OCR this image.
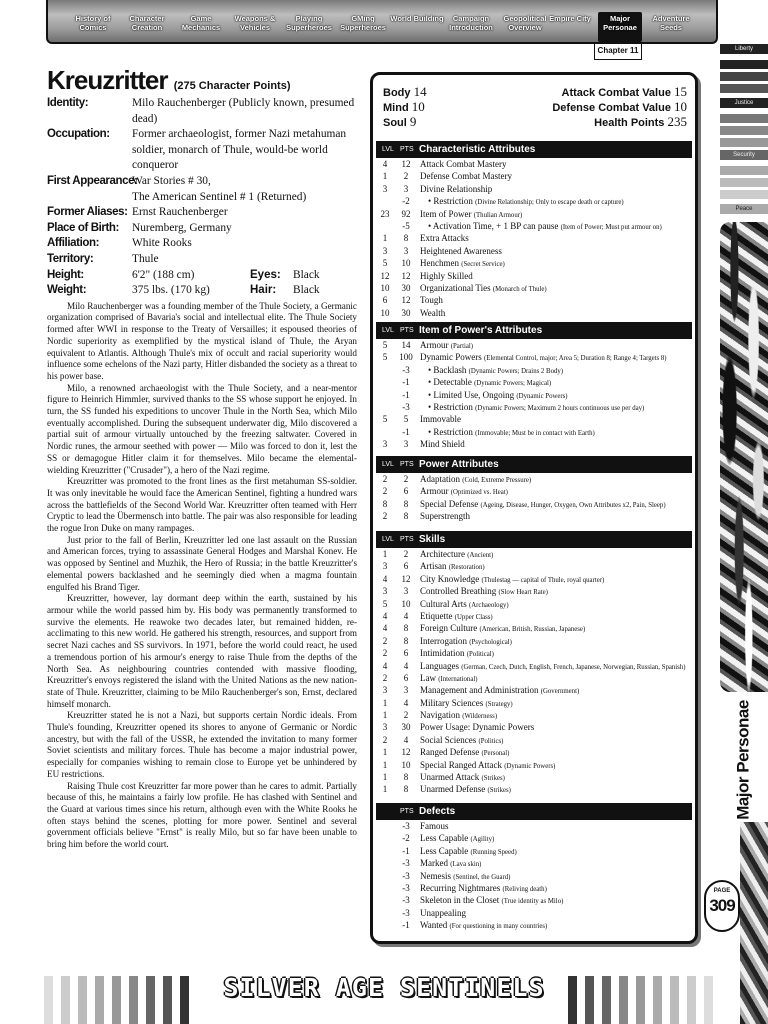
History of Comics
Character Creation
Game Mechanics
Weapons & Vehicles
Playing Superheroes
GMing Superheroes
World Building	Campaign Introduction
Geopolitical Overview
Empire City	Major Personae
Adventure Seeds
Chapter 11	Liberty
Justice
Security
Peace
Major Personae
PAGE
309
Kreuzritter (275 Character Points)
Identity:	Milo Rauchenberger (Publicly known, presumed dead)
Occupation: Former archaeologist, former Nazi metahuman soldier, monarch of Thule, would-be world conqueror
First Appearance:
War Stories # 30,
The American Sentinel # 1 (Returned)
Former Aliases: Ernst Rauchenberger
Place of Birth: Nuremberg, Germany
Affiliation:	White Rooks
Territory:	Thule
Height:	6'2" (188 cm)	Eyes: Black
Weight:	375 lbs. (170 kg)	Hair: Black

Milo Rauchenberger was a founding member of the Thule Society, a Germanic organization comprised of Bavaria's social and intellectual elite. The Thule Society formed after WWI in response to the Treaty of Versailles; it espoused theories of Nordic superiority as exemplified by the mystical island of Thule, the Aryan equivalent to Atlantis. Although Thule's mix of occult and racial superiority would influence some echelons of the Nazi party, Hitler disbanded the society as a threat to his power base.

Milo, a renowned archaeologist with the Thule Society, and a near-mentor figure to Heinrich Himmler, survived thanks to the SS whose support he enjoyed. In turn, the SS funded his expeditions to uncover Thule in the North Sea, which Milo eventually accomplished. During the subsequent underwater dig, Milo discovered a partial suit of armour virtually untouched by the freezing saltwater. Covered in Nordic runes, the armour seethed with power — Milo was forced to don it, lest the SS or demagogue Hitler claim it for themselves. Milo became the elemental-wielding Kreuzritter ("Crusader"), a hero of the Nazi regime.

Kreuzritter was promoted to the front lines as the first metahuman SS-soldier. It was only inevitable he would face the American Sentinel, fighting a hundred wars across the battlefields of the Second World War. Kreuzritter often teamed with Herr Cryptic to lead the Übermensch into battle. The pair was also responsible for leading the rogue Iron Duke on many rampages.

Just prior to the fall of Berlin, Kreuzritter led one last assault on the Russian and American forces, trying to assassinate General Hodges and Marshal Konev. He was opposed by Sentinel and Muzhik, the Hero of Russia; in the battle Kreuzritter's elemental powers backlashed and he seemingly died when a magma fountain engulfed his Brand Tiger.

Kreuzritter, however, lay dormant deep within the earth, sustained by his armour while the world passed him by. His body was permanently transformed to survive the elements. He reawoke two decades later, but remained hidden, re-acclimating to this new world. He gathered his strength, resources, and support from secret Nazi caches and SS survivors. In 1971, before the world could react, he used a tremendous portion of his armour's energy to raise Thule from the depths of the North Sea. As neighbouring countries contended with massive flooding, Kreuzritter's envoys registered the island with the United Nations as the new nation-state of Thule. Kreuzritter, claiming to be Milo Rauchenberger's son, Ernst, declared himself monarch.

Kreuzritter stated he is not a Nazi, but supports certain Nordic ideals. From Thule's founding, Kreuzritter opened its shores to anyone of Germanic or Nordic ancestry, but with the fall of the USSR, he extended the invitation to many former Soviet scientists and military forces. Thule has become a major industrial power, especially for companies wishing to remain close to Europe yet be unhindered by EU restrictions.

Raising Thule cost Kreuzritter far more power than he cares to admit. Partially because of this, he maintains a fairly low profile. He has clashed with Sentinel and the Guard at various times since his return, although even with the White Rooks he often stays behind the scenes, plotting for more power. Sentinel and several government officials believe "Ernst" is really Milo, but so far have been unable to bring him before the world court.

Body 14
Mind 10
Soul 9
Attack Combat Value 15
Defense Combat Value 10
Health Points 235
LVL PTS Characteristic Attributes
4	12	Attack Combat Mastery
1	2	Defense Combat Mastery
3	3	Divine Relationship
-2	• Restriction (Divine Relationship; Only to escape death or capture)
23	92	Item of Power (Thulian Armour)
-5	• Activation Time, + 1 BP can pause (Item of Power; Must put armour on)
1	8	Extra Attacks
3	3	Heightened Awareness
5	10	Henchmen (Secret Service)
12	12	Highly Skilled
10	30	Organizational Ties (Monarch of Thule)
6	12	Tough
10	30	Wealth
LVL PTS Item of Power's Attributes
5	14	Armour (Partial)
5	100 Dynamic Powers (Elemental Control, major; Area 5; Duration 8; Range 4; Targets 8)
-3	• Backlash (Dynamic Powers; Drains 2 Body)
-1	• Detectable (Dynamic Powers; Magical)
-1	• Limited Use, Ongoing (Dynamic Powers)
-3	• Restriction (Dynamic Powers; Maximum 2 hours continuous use per day)
5	5	Immovable
-1	• Restriction (Immovable; Must be in contact with Earth)
3	3	Mind Shield
LVL PTS Power Attributes
2	2	Adaptation (Cold, Extreme Pressure)
2	6	Armour (Optimized vs. Heat)
8	8	Special Defense (Ageing, Disease, Hunger, Oxygen, Own Attributes x2, Pain, Sleep)
2	8	Superstrength
LVL PTS Skills
1	2	Architecture (Ancient)
3	6	Artisan (Restoration)
4	12	City Knowledge (Thulestag — capital of Thule, royal quarter)
3	3	Controlled Breathing (Slow Heart Rate)
5	10	Cultural Arts (Archaeology)
4	4	Etiquette (Upper Class)
4	8	Foreign Culture (American, British, Russian, Japanese)
2	8	Interrogation (Psychological)
2	6	Intimidation (Political)
4	4	Languages (German, Czech, Dutch, English, French, Japanese, Norwegian, Russian, Spanish)
2	6	Law (International)
3	3	Management and Administration (Government)
1	4	Military Sciences (Strategy)
1	2	Navigation (Wilderness)
3	30	Power Usage: Dynamic Powers
2	4	Social Sciences (Politics)
1	12	Ranged Defense (Personal)
1	10	Special Ranged Attack (Dynamic Powers)
1	8	Unarmed Attack (Strikes)
1	8	Unarmed Defense (Strikes)
PTS Defects
-3	Famous
-2	Less Capable (Agility)
-1	Less Capable (Running Speed)
-3	Marked (Lava skin)
-3	Nemesis (Sentinel, the Guard)
-3	Recurring Nightmares (Reliving death)
-3	Skeleton in the Closet (True identity as Milo)
-3	Unappealing
-1	Wanted (For questioning in many countries)
SILVER AGE SENTINELS
